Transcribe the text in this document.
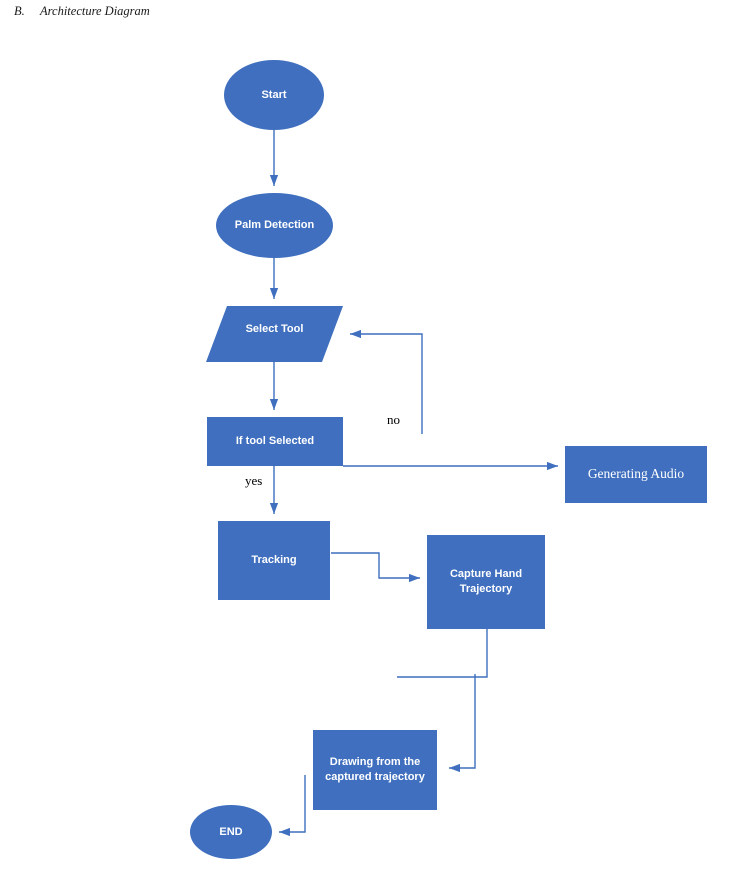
B. Architecture Diagram
Start
Palm Detection
Select Tool
If tool Selected
Generating Audio
Tracking
Capture Hand Trajectory
Drawing from the captured trajectory
END
no
yes
